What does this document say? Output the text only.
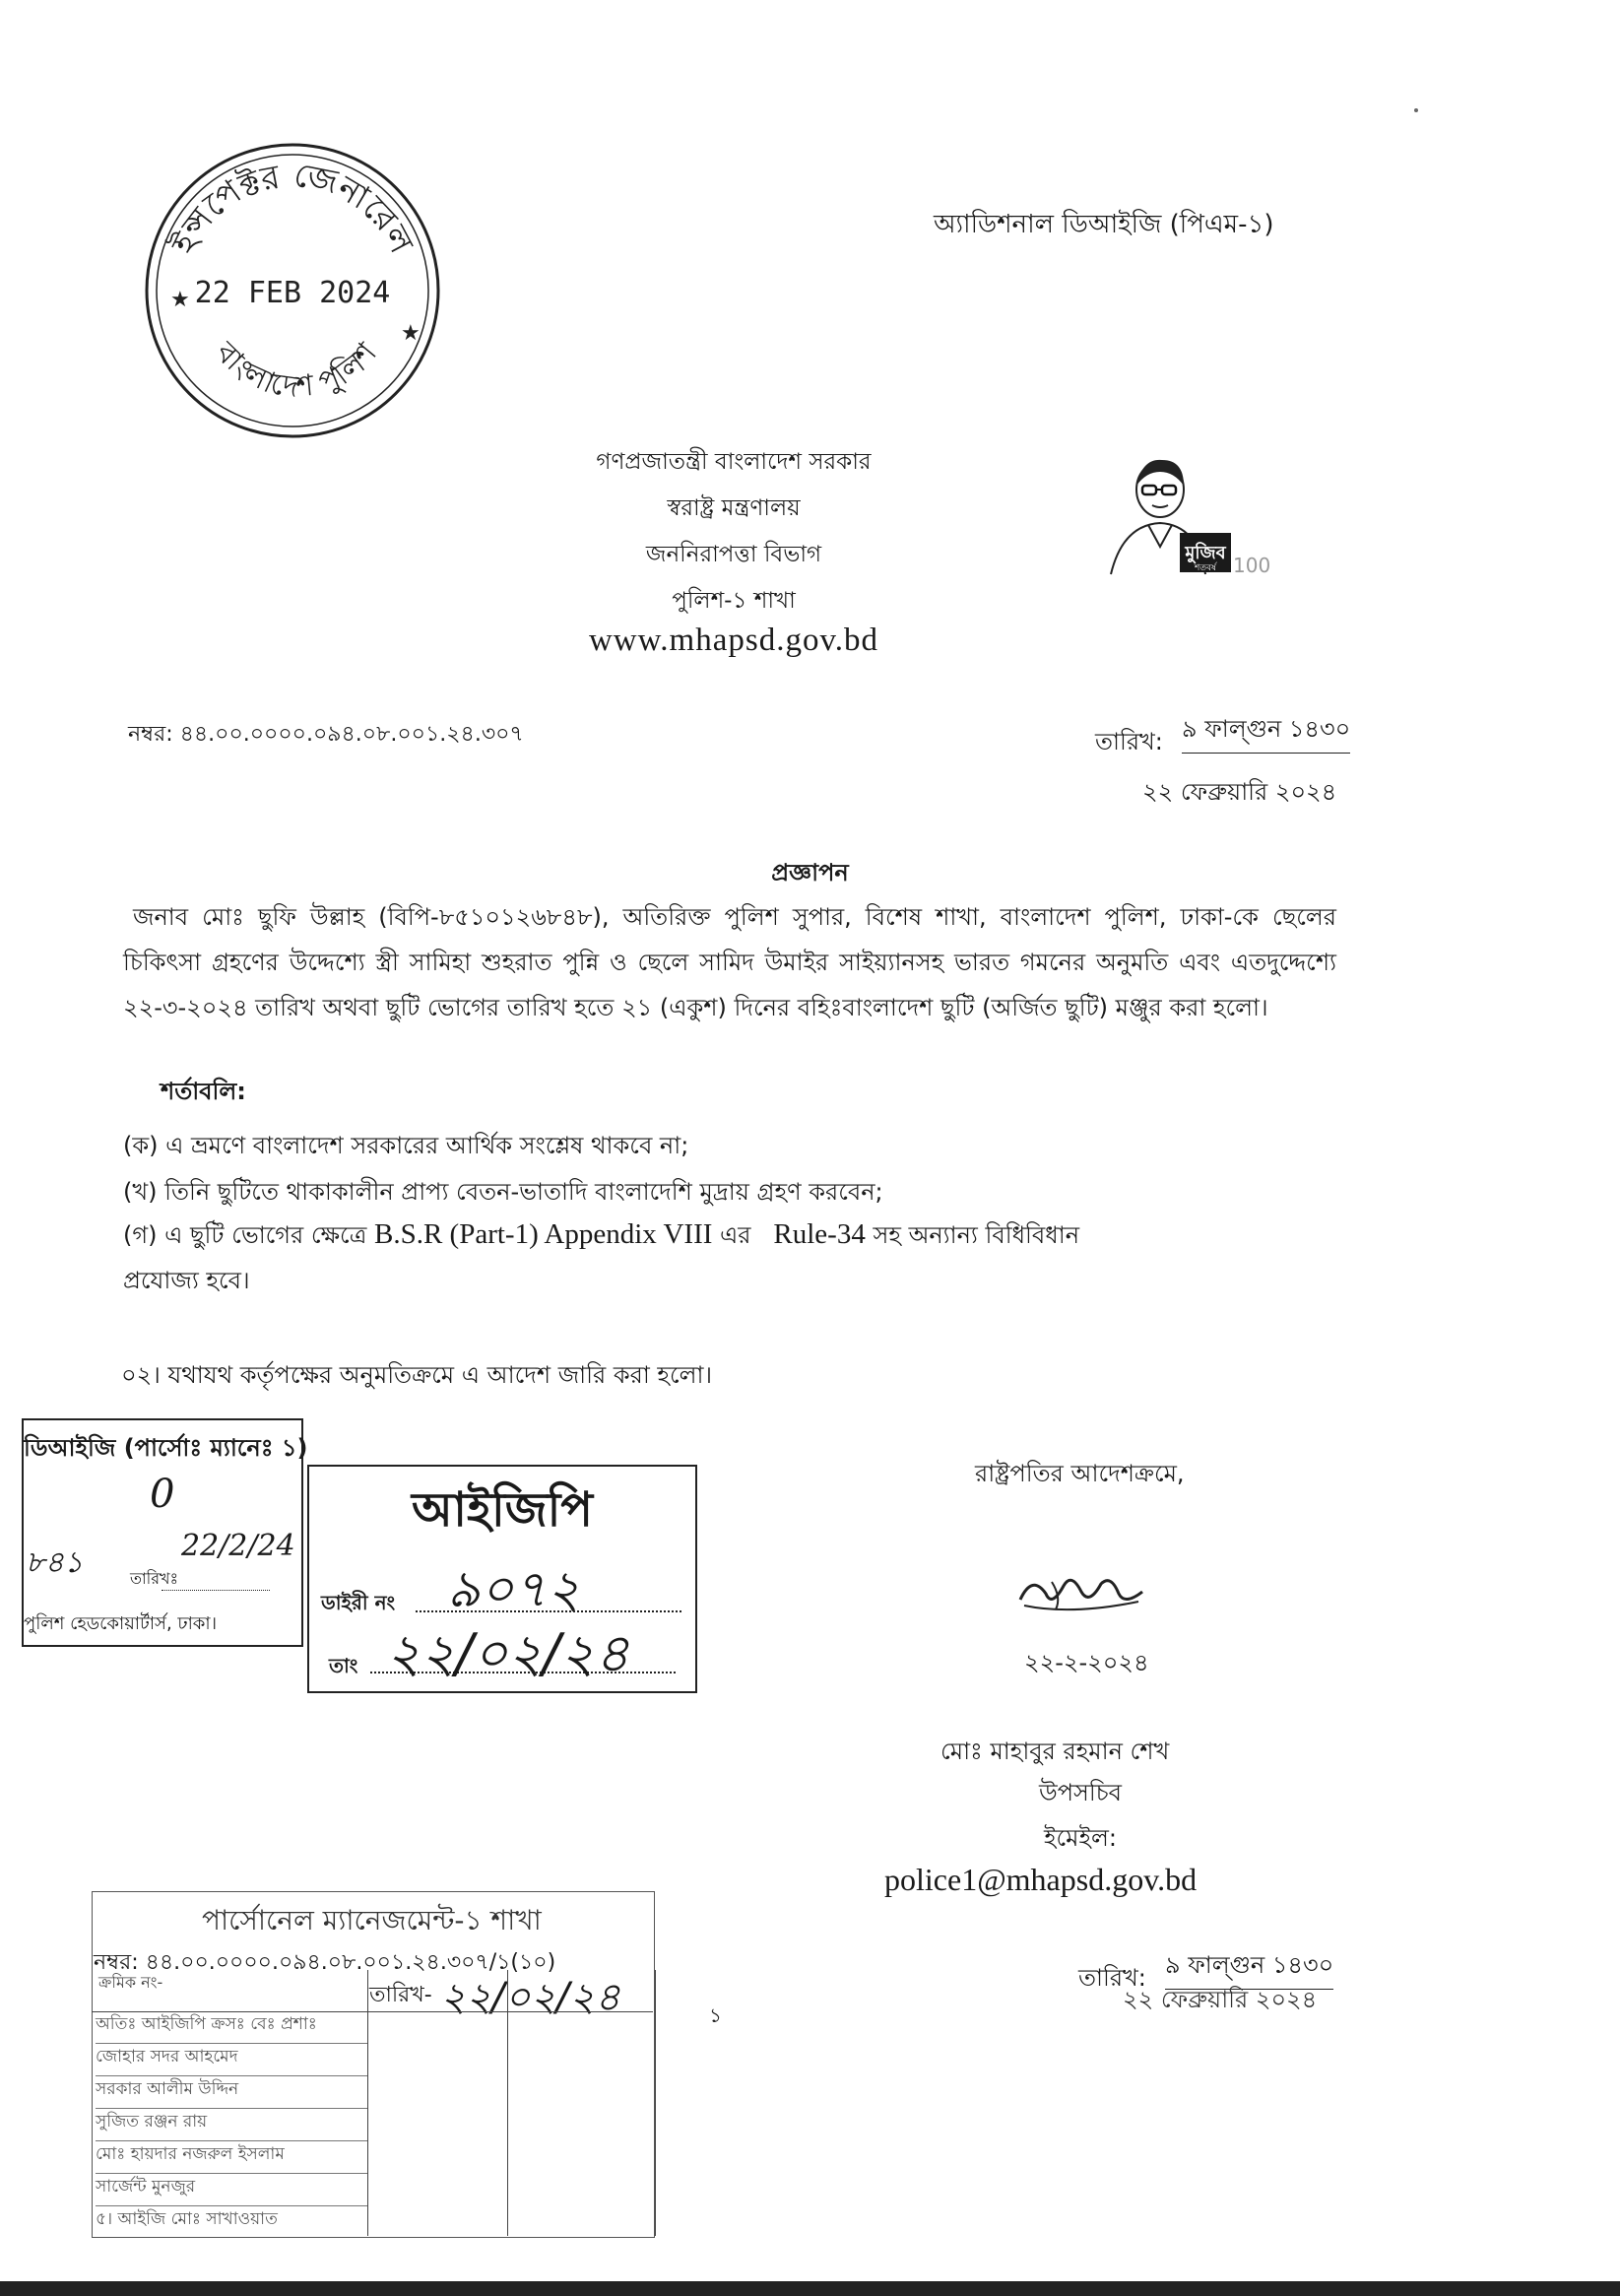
অ্যাডিশনাল ডিআইজি (পিএম-১)
ইন্সপেক্টর জেনারেল
বাংলাদেশ পুলিশ
22 FEB 2024
★
★
মুজিব
শতবর্ষ 100
গণপ্রজাতন্ত্রী বাংলাদেশ সরকার
স্বরাষ্ট্র মন্ত্রণালয়
জননিরাপত্তা বিভাগ
পুলিশ-১ শাখা
www.mhapsd.gov.bd
নম্বর: ৪৪.০০.০০০০.০৯৪.০৮.০০১.২৪.৩০৭	তারিখ: ৯ ফাল্গুন ১৪৩০
২২ ফেব্রুয়ারি ২০২৪
প্রজ্ঞাপন
জনাব মোঃ ছুফি উল্লাহ (বিপি-৮৫১০১২৬৮৪৮), অতিরিক্ত পুলিশ সুপার, বিশেষ শাখা, বাংলাদেশ পুলিশ, ঢাকা-কে ছেলের চিকিৎসা গ্রহণের উদ্দেশ্যে স্ত্রী সামিহা শুহরাত পুন্নি ও ছেলে সামিদ উমাইর সাইয়্যানসহ ভারত গমনের অনুমতি এবং এতদুদ্দেশ্যে ২২-৩-২০২৪ তারিখ অথবা ছুটি ভোগের তারিখ হতে ২১ (একুশ) দিনের বহিঃবাংলাদেশ ছুটি (অর্জিত ছুটি) মঞ্জুর করা হলো।
শর্তাবলি:
(ক) এ ভ্রমণে বাংলাদেশ সরকারের আর্থিক সংশ্লেষ থাকবে না;
(খ) তিনি ছুটিতে থাকাকালীন প্রাপ্য বেতন-ভাতাদি বাংলাদেশি মুদ্রায় গ্রহণ করবেন;
(গ) এ ছুটি ভোগের ক্ষেত্রে B.S.R (Part-1) Appendix VIII এর Rule-34 সহ অন্যান্য বিধিবিধান
প্রযোজ্য হবে।
০২। যথাযথ কর্তৃপক্ষের অনুমতিক্রমে এ আদেশ জারি করা হলো।
ডিআইজি (পার্সোঃ ম্যানেঃ ১)
0
৮৪১	22/2/24
তারিখঃ
পুলিশ হেডকোয়ার্টার্স, ঢাকা।
আইজিপি
ডাইরী নং ৯০৭২
তাং ২২/০২/২৪
পার্সোনেল ম্যানেজমেন্ট-১ শাখা
নম্বর: ৪৪.০০.০০০০.০৯৪.০৮.০০১.২৪.৩০৭/১(১০)
ক্রমিক নং-
তারিখ- ২২/০২/২৪
অতিঃ আইজিপি ক্রসঃ বেঃ প্রশাঃ
জোহার সদর আহমেদ
সরকার আলীম উদ্দিন
সুজিত রঞ্জন রায়
মোঃ হায়দার নজরুল ইসলাম
সার্জেন্ট মুনজুর
৫। আইজি মোঃ সাখাওয়াত
রাষ্ট্রপতির আদেশক্রমে,
২২-২-২০২৪
মোঃ মাহাবুর রহমান শেখ
উপসচিব
ইমেইল:
police1@mhapsd.gov.bd
তারিখ: ৯ ফাল্গুন ১৪৩০
২২ ফেব্রুয়ারি ২০২৪
১
